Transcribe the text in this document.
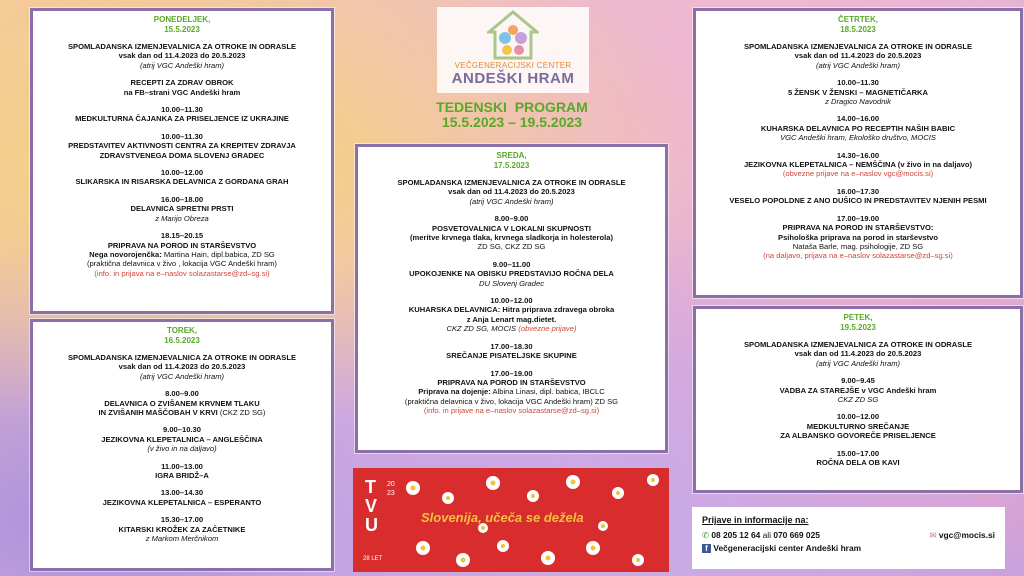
PONEDELJEK,
15.5.2023
SPOMLADANSKA IZMENJEVALNICA ZA OTROKE IN ODRASLE
vsak dan od 11.4.2023 do 20.5.2023
(atrij VGC Andeški hram)
RECEPTI ZA ZDRAV OBROK
na FB–strani VGC Andeški hram
10.00–11.30
MEDKULTURNA ČAJANKA ZA PRISELJENCE IZ UKRAJINE
10.00–11.30
PREDSTAVITEV AKTIVNOSTI CENTRA ZA KREPITEV ZDRAVJA
ZDRAVSTVENEGA DOMA SLOVENJ GRADEC
10.00–12.00
SLIKARSKA IN RISARSKA DELAVNICA Z GORDANA GRAH
16.00–18.00
DELAVNICA SPRETNI PRSTI
z Marijo Obreza
18.15–20.15
PRIPRAVA NA POROD IN STARŠEVSTVO
Nega novorojenčka: Martina Hain, dipl.babica, ZD SG
(praktična delavnica v živo , lokacija VGC Andeški hram)
(info. in prijava na e–naslov solazastarse@zd–sg.si)
TOREK,
16.5.2023
SPOMLADANSKA IZMENJEVALNICA ZA OTROKE IN ODRASLE
vsak dan od 11.4.2023 do 20.5.2023
(atrij VGC Andeški hram)
8.00–9.00
DELAVNICA O ZVIŠANEM KRVNEM TLAKU
IN ZVIŠANIH MAŠČOBAH V KRVI (CKZ ZD SG)
9.00–10.30
JEZIKOVNA KLEPETALNICA – ANGLEŠČINA
(v živo in na daljavo)
11.00–13.00
IGRA BRIDŽ–A
13.00–14.30
JEZIKOVNA KLEPETALNICA – ESPERANTO
15.30–17.00
KITARSKI KROŽEK ZA ZAČETNIKE
z Markom Merčnikom
VEČGENERACIJSKI CENTER
ANDEŠKI HRAM
TEDENSKI  PROGRAM
15.5.2023 – 19.5.2023
SREDA,
17.5.2023
SPOMLADANSKA IZMENJEVALNICA ZA OTROKE IN ODRASLE
vsak dan od 11.4.2023 do 20.5.2023
(atrij VGC Andeški hram)
8.00–9.00
POSVETOVALNICA V LOKALNI SKUPNOSTI
(meritve krvnega tlaka, krvnega sladkorja in holesterola)
ZD SG, CKZ ZD SG
9.00–11.00
UPOKOJENKE NA OBISKU PREDSTAVIJO ROČNA DELA
DU Slovenj Gradec
10.00–12.00
KUHARSKA DELAVNICA: Hitra priprava zdravega obroka
z Anja Lenart mag.dietet.
CKZ ZD SG, MOCIS (obvezne prijave)
17.00–18.30
SREČANJE PISATELJSKE SKUPINE
17.00–19.00
PRIPRAVA NA POROD IN STARŠEVSTVO
Priprava na dojenje: Albina Linasi, dipl. babica, IBCLC
(praktična delavnica v živo, lokacija VGC Andeški hram) ZD SG
(info. in prijave na e–naslov solazastarse@zd–sg.si)
ČETRTEK,
18.5.2023
SPOMLADANSKA IZMENJEVALNICA ZA OTROKE IN ODRASLE
vsak dan od 11.4.2023 do 20.5.2023
(atrij VGC Andeški hram)
10.00–11.30
5 ŽENSK V ŽENSKI – MAGNETIČARKA
z Dragico Navodnik
14.00–16.00
KUHARSKA DELAVNICA PO RECEPTIH NAŠIH BABIC
VGC Andeški hram, Ekološko društvo, MOCIS
14.30–16.00
JEZIKOVNA KLEPETALNICA – NEMŠČINA (v živo in na daljavo)
(obvezne prijave na e–naslov vgc@mocis.si)
16.00–17.30
VESELO POPOLDNE Z ANO DUŠICO IN PREDSTAVITEV NJENIH PESMI
17.00–19.00
PRIPRAVA NA POROD IN STARŠEVSTVO:
Psihološka priprava na porod in starševstvo
Nataša Barle, mag. psihologije, ZD SG
(na daljavo, prijava na e–naslov solazastarse@zd–sg.si)
PETEK,
19.5.2023
SPOMLADANSKA IZMENJEVALNICA ZA OTROKE IN ODRASLE
vsak dan od 11.4.2023 do 20.5.2023
(atrij VGC Andeški hram)
9.00–9.45
VADBA ZA STAREJŠE v VGC Andeški hram
CKZ ZD SG
10.00–12.00
MEDKULTURNO SREČANJE
ZA ALBANSKO GOVOREČE PRISELJENCE
15.00–17.00
ROČNA DELA OB KAVI
TVU
2023
28 LET
Slovenija, učeča se dežela	Prijave in informacije na:
✆ 08 205 12 64 ali 070 669 025	✉ vgc@mocis.si
f Večgeneracijski center Andeški hram
